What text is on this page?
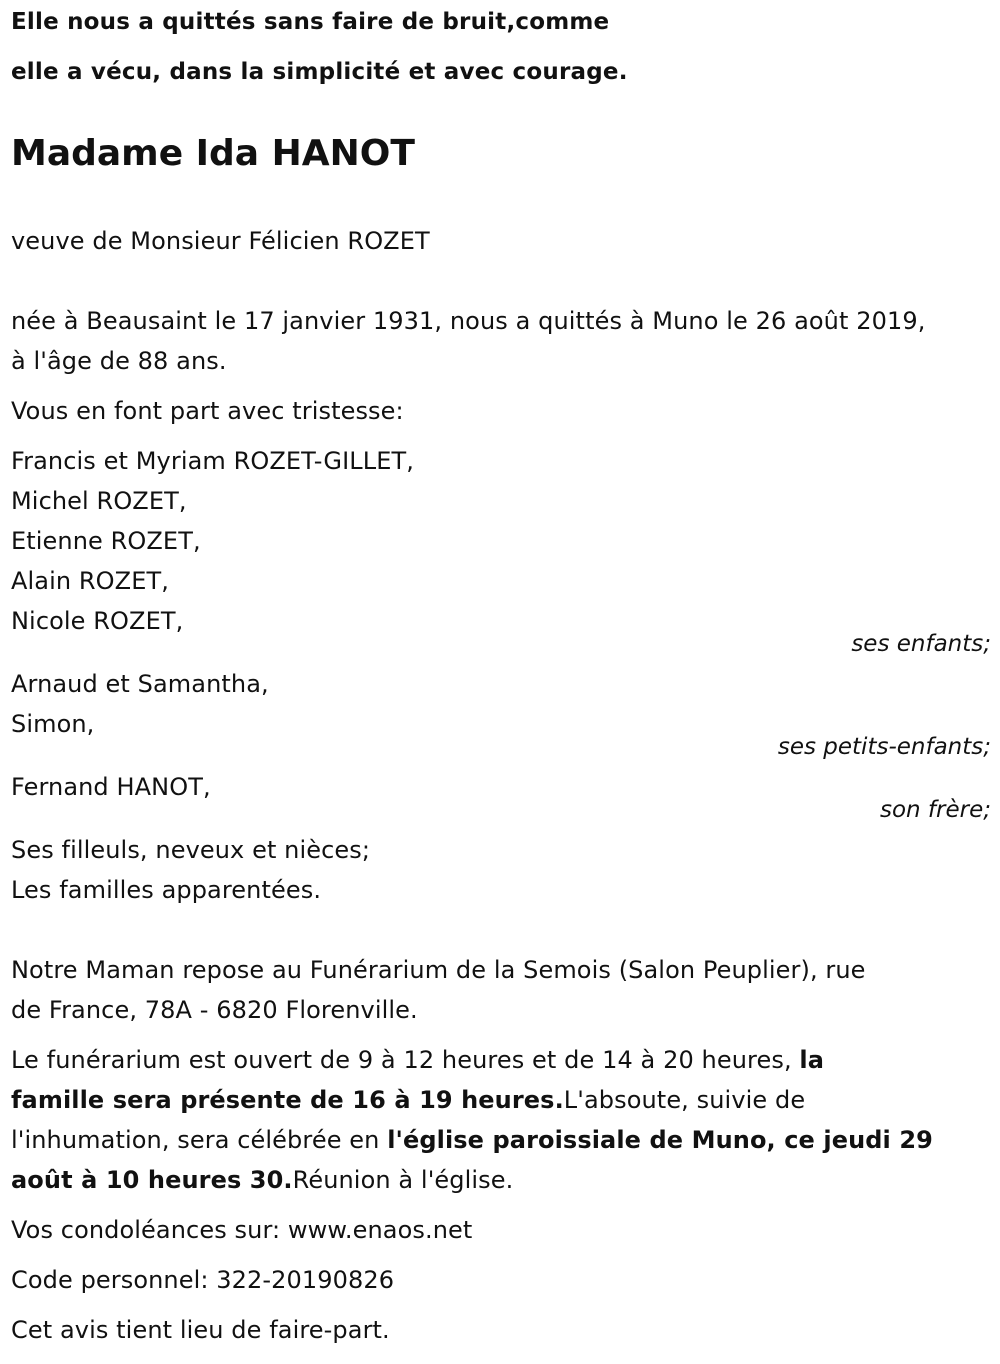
Elle nous a quittés sans faire de bruit,comme
elle a vécu, dans la simplicité et avec courage.
Madame Ida HANOT
veuve de Monsieur Félicien ROZET
née à Beausaint le 17 janvier 1931, nous a quittés à Muno le 26 août 2019,
à l'âge de 88 ans.
Vous en font part avec tristesse:
Francis et Myriam ROZET-GILLET,
Michel ROZET,
Etienne ROZET,
Alain ROZET,
Nicole ROZET,
ses enfants;
Arnaud et Samantha,
Simon,
ses petits-enfants;
Fernand HANOT,
son frère;
Ses filleuls, neveux et nièces;
Les familles apparentées.
Notre Maman repose au Funérarium de la Semois (Salon Peuplier), rue
de France, 78A - 6820 Florenville.
Le funérarium est ouvert de 9 à 12 heures et de 14 à 20 heures, la
famille sera présente de 16 à 19 heures.L'absoute, suivie de
l'inhumation, sera célébrée en l'église paroissiale de Muno, ce jeudi 29
août à 10 heures 30.Réunion à l'église.
Vos condoléances sur: www.enaos.net
Code personnel: 322-20190826
Cet avis tient lieu de faire-part.
